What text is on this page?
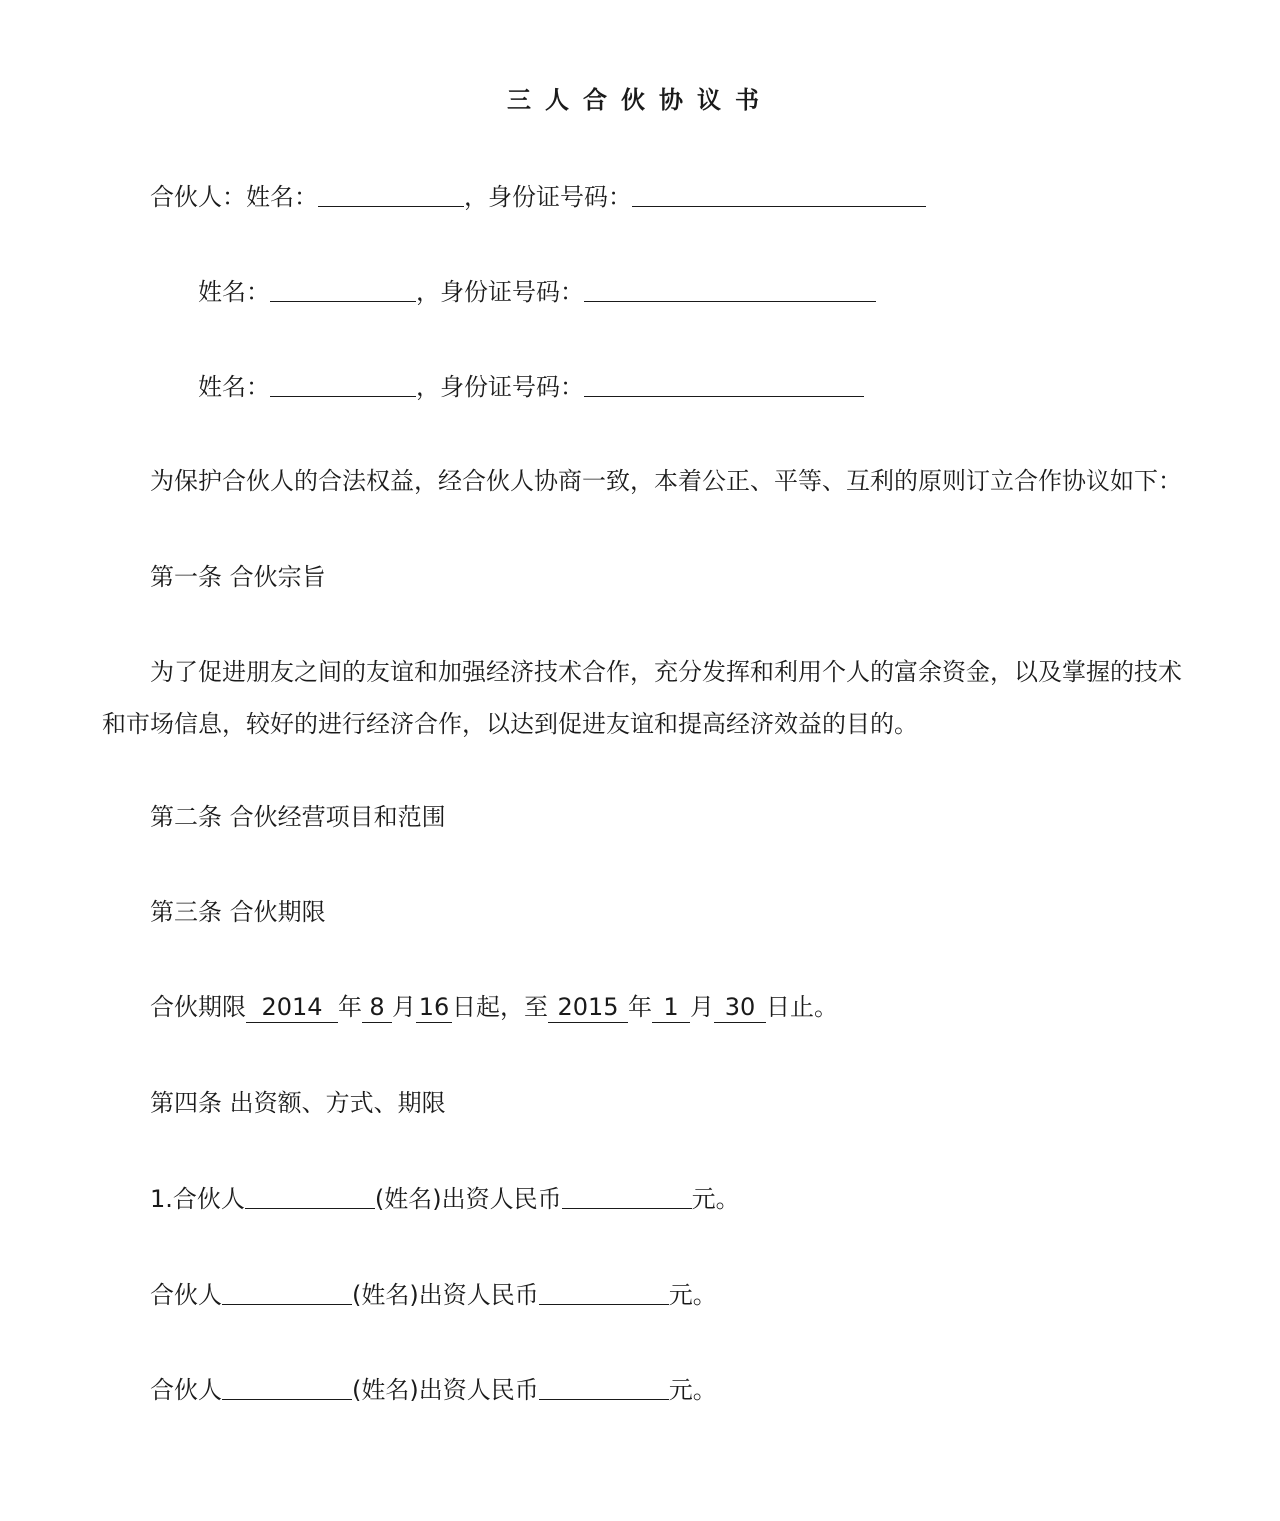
三人合伙协议书
合伙人：姓名：	，身份证号码：
姓名：	，身份证号码：
姓名：	，身份证号码：
为保护合伙人的合法权益，经合伙人协商一致，本着公正、平等、互利的原则订立合作协议如下：
第一条 合伙宗旨
为了促进朋友之间的友谊和加强经济技术合作，充分发挥和利用个人的富余资金，以及掌握的技术和市场信息，较好的进行经济合作，以达到促进友谊和提高经济效益的目的。
第二条 合伙经营项目和范围
第三条 合伙期限
合伙期限 2014 年 8 月 16 日起，至 2015 年 1 月 30 日止。
第四条 出资额、方式、期限
1.合伙人	(姓名)出资人民币	元。
合伙人	(姓名)出资人民币	元。
合伙人	(姓名)出资人民币	元。
